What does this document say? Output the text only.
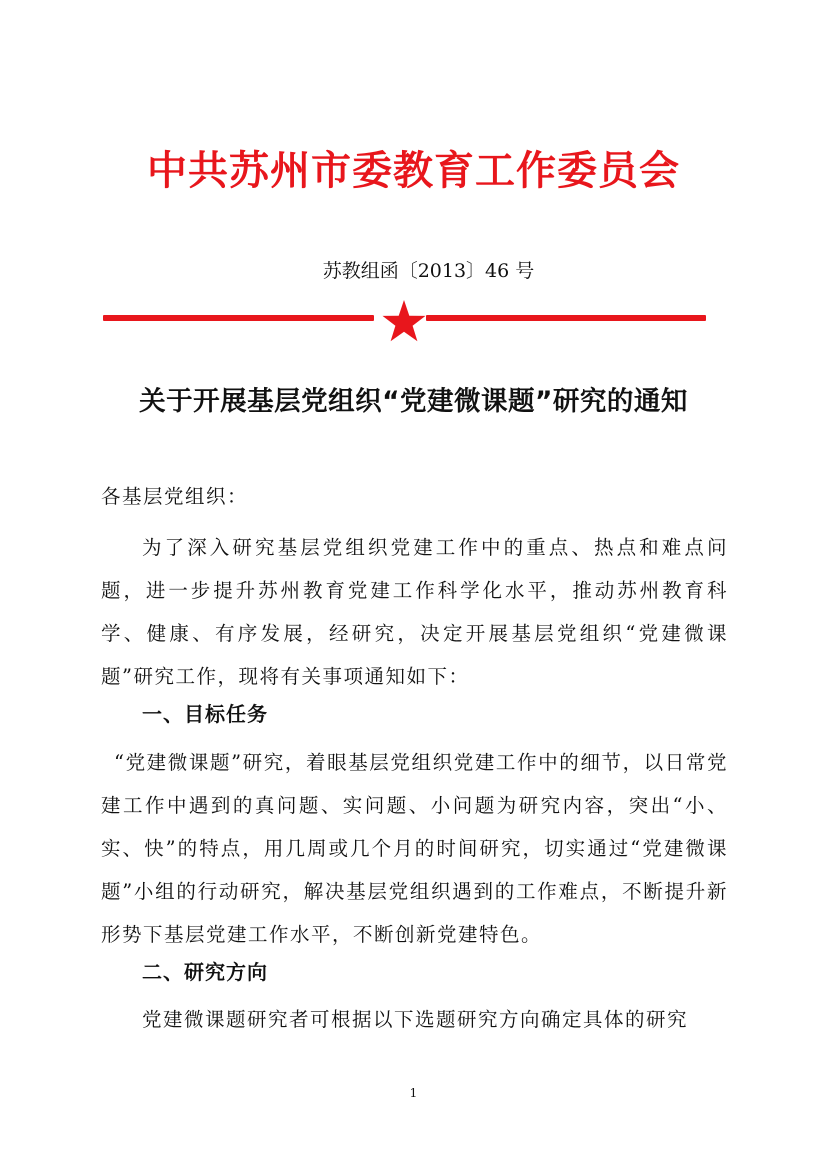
中共苏州市委教育工作委员会
苏教组函〔2013〕46 号
关于开展基层党组织“党建微课题”研究的通知
各基层党组织：
为了深入研究基层党组织党建工作中的重点、热点和难点问题，进一步提升苏州教育党建工作科学化水平，推动苏州教育科学、健康、有序发展，经研究，决定开展基层党组织“党建微课题”研究工作，现将有关事项通知如下：
一、目标任务
“党建微课题”研究，着眼基层党组织党建工作中的细节，以日常党建工作中遇到的真问题、实问题、小问题为研究内容，突出“小、实、快”的特点，用几周或几个月的时间研究，切实通过“党建微课题”小组的行动研究，解决基层党组织遇到的工作难点，不断提升新形势下基层党建工作水平，不断创新党建特色。
二、研究方向
党建微课题研究者可根据以下选题研究方向确定具体的研究
1
